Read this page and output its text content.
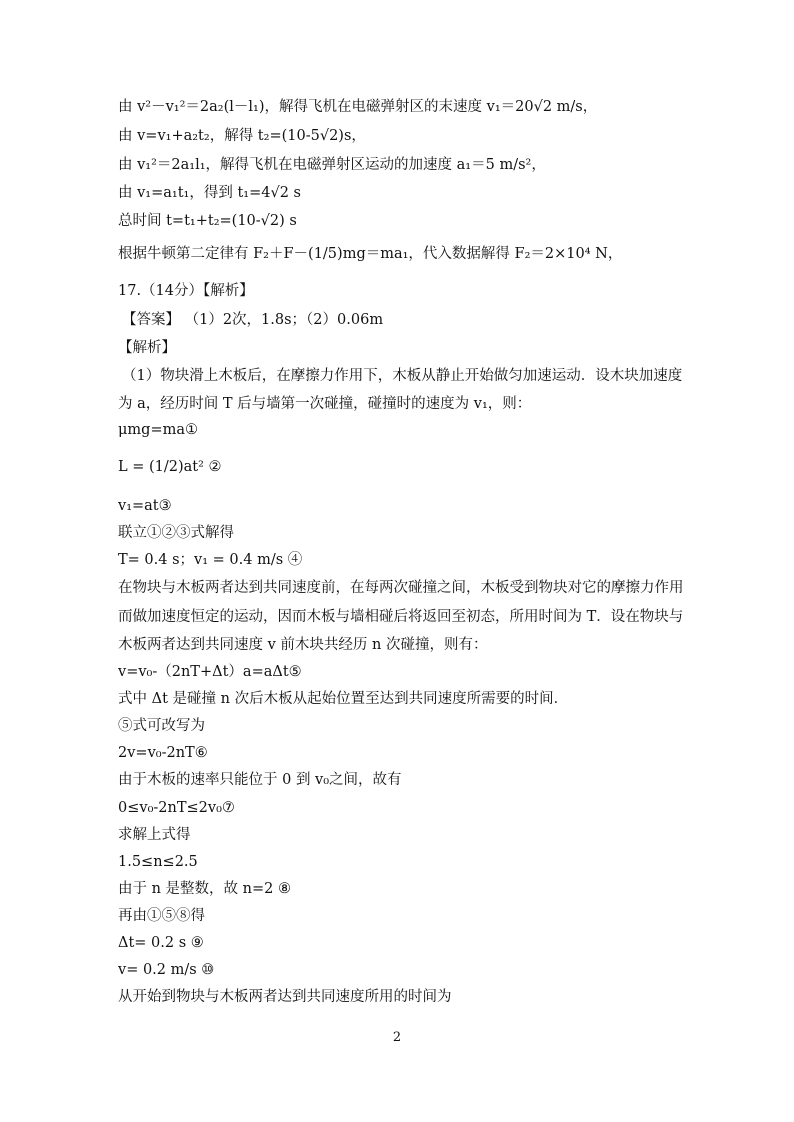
由 v²－v₁²＝2a₂(l－l₁)，解得飞机在电磁弹射区的末速度 v₁＝20√2 m/s，
由 v=v₁+a₂t₂，解得 t₂=(10-5√2)s，
由 v₁²＝2a₁l₁，解得飞机在电磁弹射区运动的加速度 a₁＝5 m/s²，
由 v₁=a₁t₁，得到 t₁=4√2 s
总时间 t=t₁+t₂=(10-√2) s
根据牛顿第二定律有 F₂＋F－(1/5)mg＝ma₁，代入数据解得 F₂＝2×10⁴ N，
17.（14分）【解析】
【答案】 （1）2次，1.8s；（2）0.06m
【解析】
（1）物块滑上木板后，在摩擦力作用下，木板从静止开始做匀加速运动．设木块加速度
为 a，经历时间 T 后与墙第一次碰撞，碰撞时的速度为 v₁，则：
μmg=ma①
L = (1/2)at² ②
v₁=at③
联立①②③式解得
T= 0.4 s；v₁ = 0.4 m/s ④
在物块与木板两者达到共同速度前，在每两次碰撞之间，木板受到物块对它的摩擦力作用
而做加速度恒定的运动，因而木板与墙相碰后将返回至初态，所用时间为 T．设在物块与
木板两者达到共同速度 v 前木块共经历 n 次碰撞，则有：
v=v₀-（2nT+Δt）a=aΔt⑤
式中 Δt 是碰撞 n 次后木板从起始位置至达到共同速度所需要的时间．
⑤式可改写为
2v=v₀-2nT⑥
由于木板的速率只能位于 0 到 v₀之间，故有
0≤v₀-2nT≤2v₀⑦
求解上式得
1.5≤n≤2.5
由于 n 是整数，故 n=2 ⑧
再由①⑤⑧得
Δt= 0.2 s ⑨
v= 0.2 m/s ⑩
从开始到物块与木板两者达到共同速度所用的时间为
2
